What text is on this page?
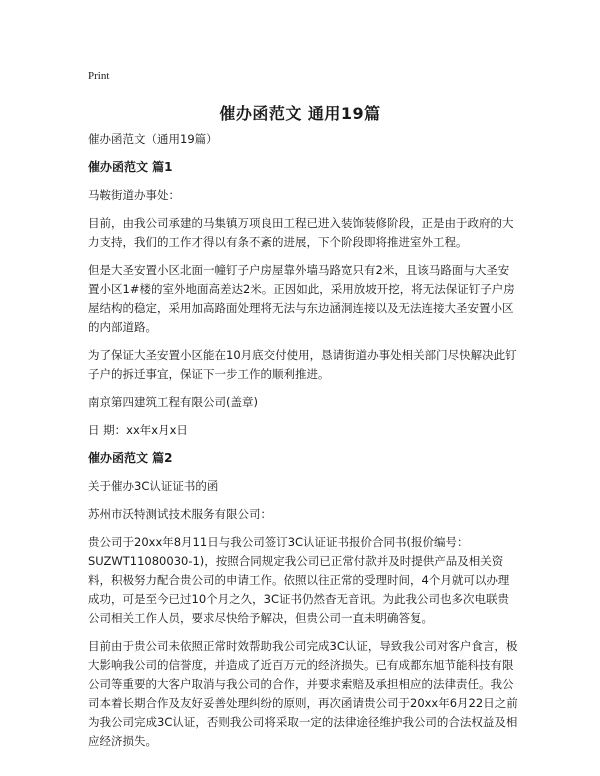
Print
催办函范文 通用19篇
催办函范文（通用19篇）
催办函范文 篇1
马鞍街道办事处：

目前，由我公司承建的马集镇万项良田工程已进入装饰装修阶段，正是由于政府的大力支持，我们的工作才得以有条不紊的进展，下个阶段即将推进室外工程。

但是大圣安置小区北面一幢钉子户房屋靠外墙马路宽只有2米，且该马路面与大圣安置小区1#楼的室外地面高差达2米。正因如此，采用放坡开挖，将无法保证钉子户房屋结构的稳定，采用加高路面处理将无法与东边涵洞连接以及无法连接大圣安置小区的内部道路。

为了保证大圣安置小区能在10月底交付使用，恳请街道办事处相关部门尽快解决此钉子户的拆迁事宜，保证下一步工作的顺利推进。

南京第四建筑工程有限公司(盖章)
日 期：xx年x月x日
催办函范文 篇2
关于催办3C认证证书的函
苏州市沃特测试技术服务有限公司：

贵公司于20xx年8月11日与我公司签订3C认证证书报价合同书(报价编号：SUZWT11080030-1)，按照合同规定我公司已正常付款并及时提供产品及相关资料，积极努力配合贵公司的申请工作。依照以往正常的受理时间，4个月就可以办理成功，可是至今已过10个月之久，3C证书仍然杳无音讯。为此我公司也多次电联贵公司相关工作人员，要求尽快给予解决，但贵公司一直未明确答复。

目前由于贵公司未依照正常时效帮助我公司完成3C认证，导致我公司对客户食言，极大影响我公司的信誉度，并造成了近百万元的经济损失。已有成都东旭节能科技有限公司等重要的大客户取消与我公司的合作，并要求索赔及承担相应的法律责任。我公司本着长期合作及友好妥善处理纠纷的原则，再次函请贵公司于20xx年6月22日之前为我公司完成3C认证，否则我公司将采取一定的法律途径维护我公司的合法权益及相应经济损失。
